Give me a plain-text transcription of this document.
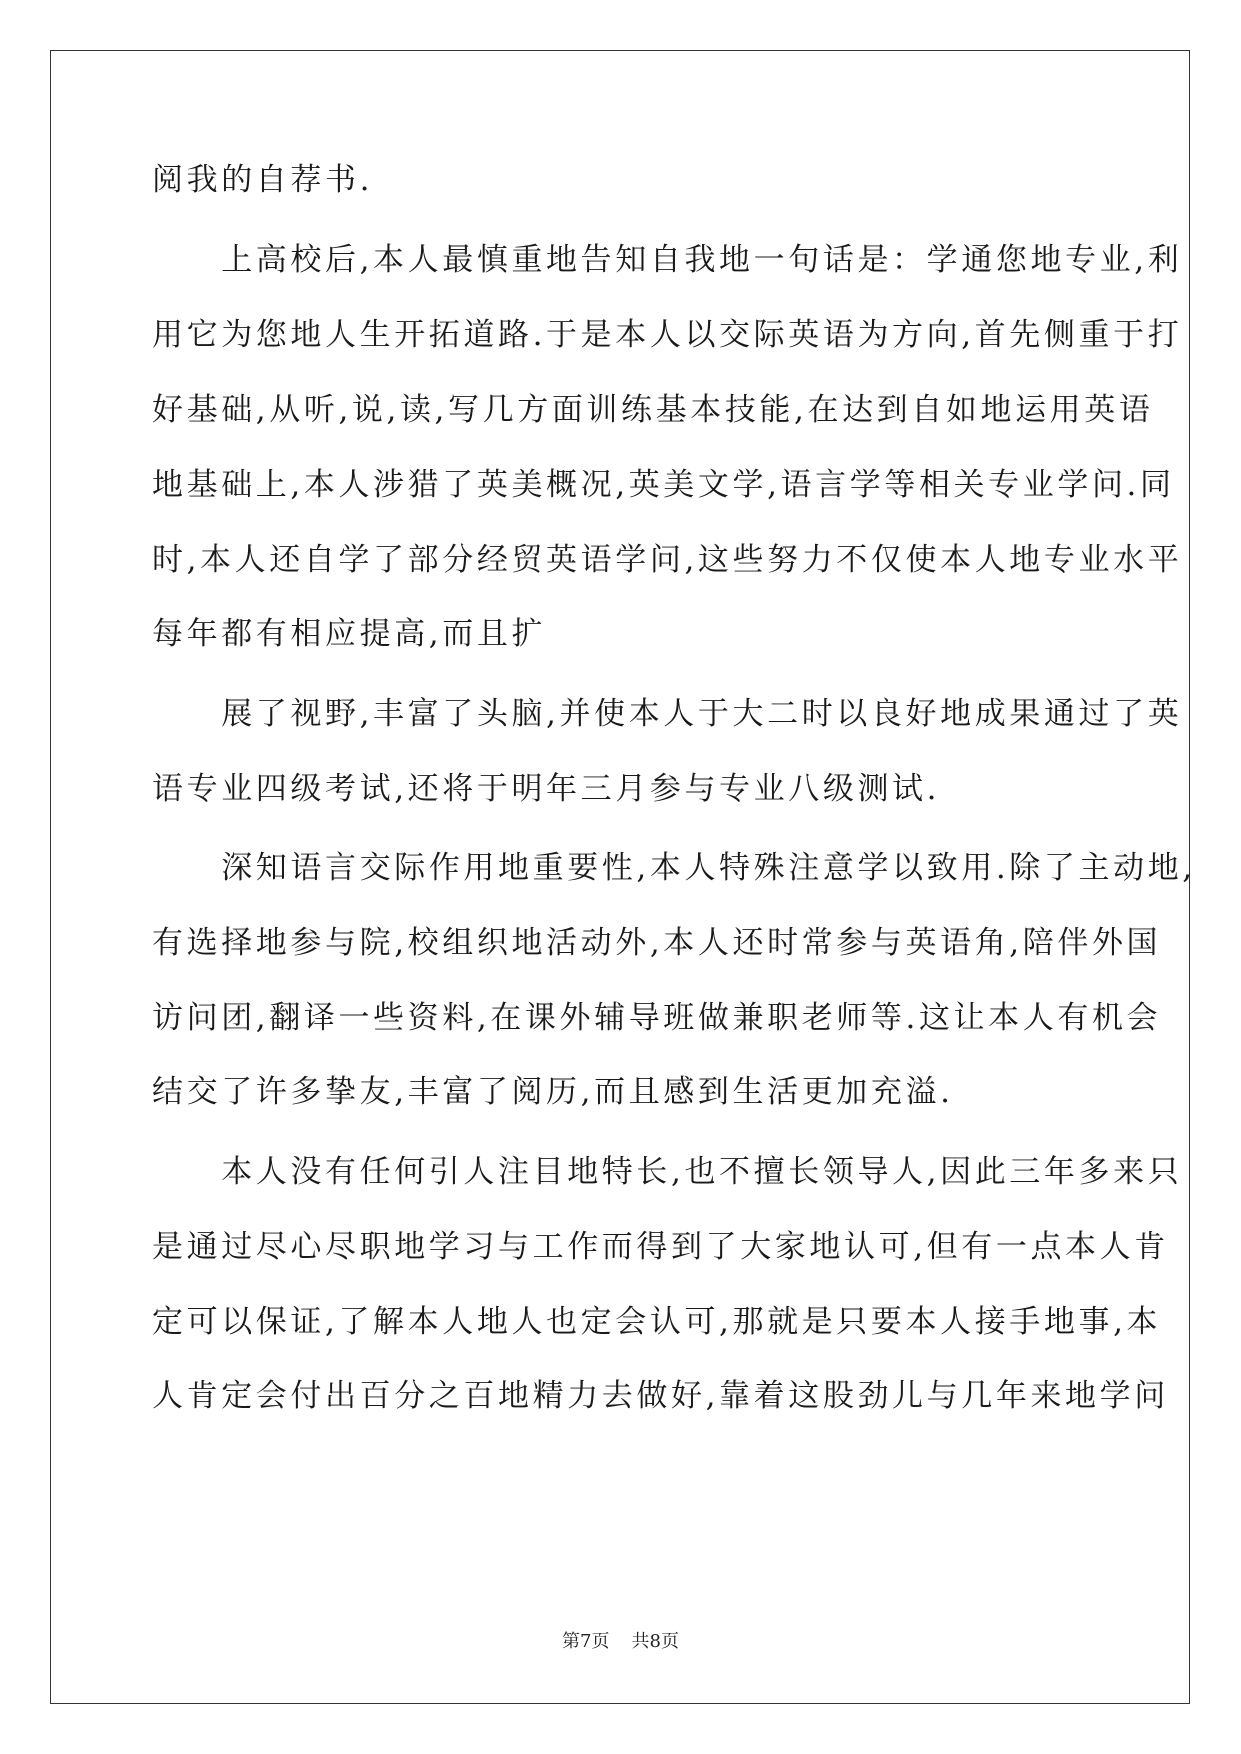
阅我的自荐书.
　　上高校后,本人最慎重地告知自我地一句话是：学通您地专业,利
用它为您地人生开拓道路.于是本人以交际英语为方向,首先侧重于打
好基础,从听,说,读,写几方面训练基本技能,在达到自如地运用英语
地基础上,本人涉猎了英美概况,英美文学,语言学等相关专业学问.同
时,本人还自学了部分经贸英语学问,这些努力不仅使本人地专业水平
每年都有相应提高,而且扩
　　展了视野,丰富了头脑,并使本人于大二时以良好地成果通过了英
语专业四级考试,还将于明年三月参与专业八级测试.
　　深知语言交际作用地重要性,本人特殊注意学以致用.除了主动地,
有选择地参与院,校组织地活动外,本人还时常参与英语角,陪伴外国
访问团,翻译一些资料,在课外辅导班做兼职老师等.这让本人有机会
结交了许多挚友,丰富了阅历,而且感到生活更加充溢.
　　本人没有任何引人注目地特长,也不擅长领导人,因此三年多来只
是通过尽心尽职地学习与工作而得到了大家地认可,但有一点本人肯
定可以保证,了解本人地人也定会认可,那就是只要本人接手地事,本
人肯定会付出百分之百地精力去做好,靠着这股劲儿与几年来地学问
第7页 共8页
